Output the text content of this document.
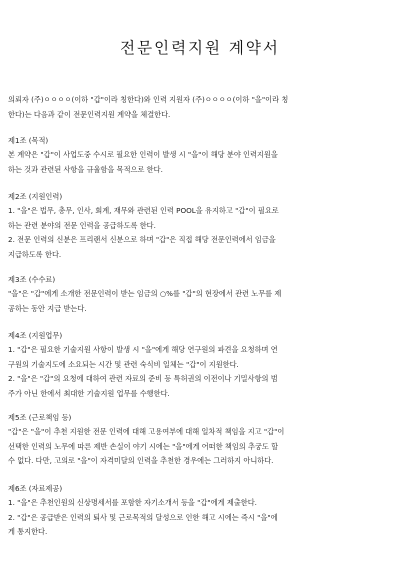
전문인력지원 계약서
의뢰자 (주)ㅇㅇㅇㅇ(이하 "갑"이라 칭한다)와 인력 지원자 (주)ㅇㅇㅇㅇ(이하 "을"이라 칭
한다)는 다음과 같이 전문인력지원 계약을 체결한다.
제1조 (목적)
본 계약은 "갑"이 사업도중 수시로 필요한 인력이 발생 시 "을"이 해당 분야 인력지원을
하는 것과 관련된 사항을 규율함을 목적으로 한다.
제2조 (지원인력)
1. "을"은 법무, 총무, 인사, 회계, 재무와 관련된 인력 POOL을 유지하고 "갑"이 필요로
하는 관련 분야의 전문 인력을 공급하도록 한다.
2. 전문 인력의 신분은 프리랜서 신분으로 하며 "갑"은 직접 해당 전문인력에서 임금을
지급하도록 한다.
제3조 (수수료)
"을"은 "갑"에게 소개한 전문인력이 받는 임금의 ○%를 "갑"의 현장에서 관련 노무를 제
공하는 동안 지급 받는다.
제4조 (지원업무)
1. "갑"은 필요한 기술지원 사항이 발생 시 "을"에게 해당 연구원의 파견을 요청하며 연
구원의 기술지도에 소요되는 시간 및 관련 숙식비 일체는 "갑"이 지원한다.
2. "을"은 "갑"의 요청에 대하여 관련 자료의 준비 등 특허권의 이전이나 기밀사항의 범
주가 아닌 한에서 최대한 기술지원 업무를 수행한다.
제5조 (근로책임 등)
"갑"은 "을"이 추천 지원한 전문 인력에 대해 고용여부에 대해 일차적 책임을 지고 "갑"이
선택한 인력의 노무에 따른 제반 손실이 야기 시에는 "을"에게 어떠한 책임의 추궁도 할
수 없다. 다만, 고의로 "을"이 자격미달의 인력을 추천한 경우에는 그러하지 아니하다.
제6조 (자료제공)
1. "을"은 추천인원의 신상명세서를 포함한 자기소개서 등을 "갑"에게 제출한다.
2. "갑"은 공급받은 인력의 퇴사 및 근로목적의 달성으로 인한 해고 시에는 즉시 "을"에
게 통지한다.
